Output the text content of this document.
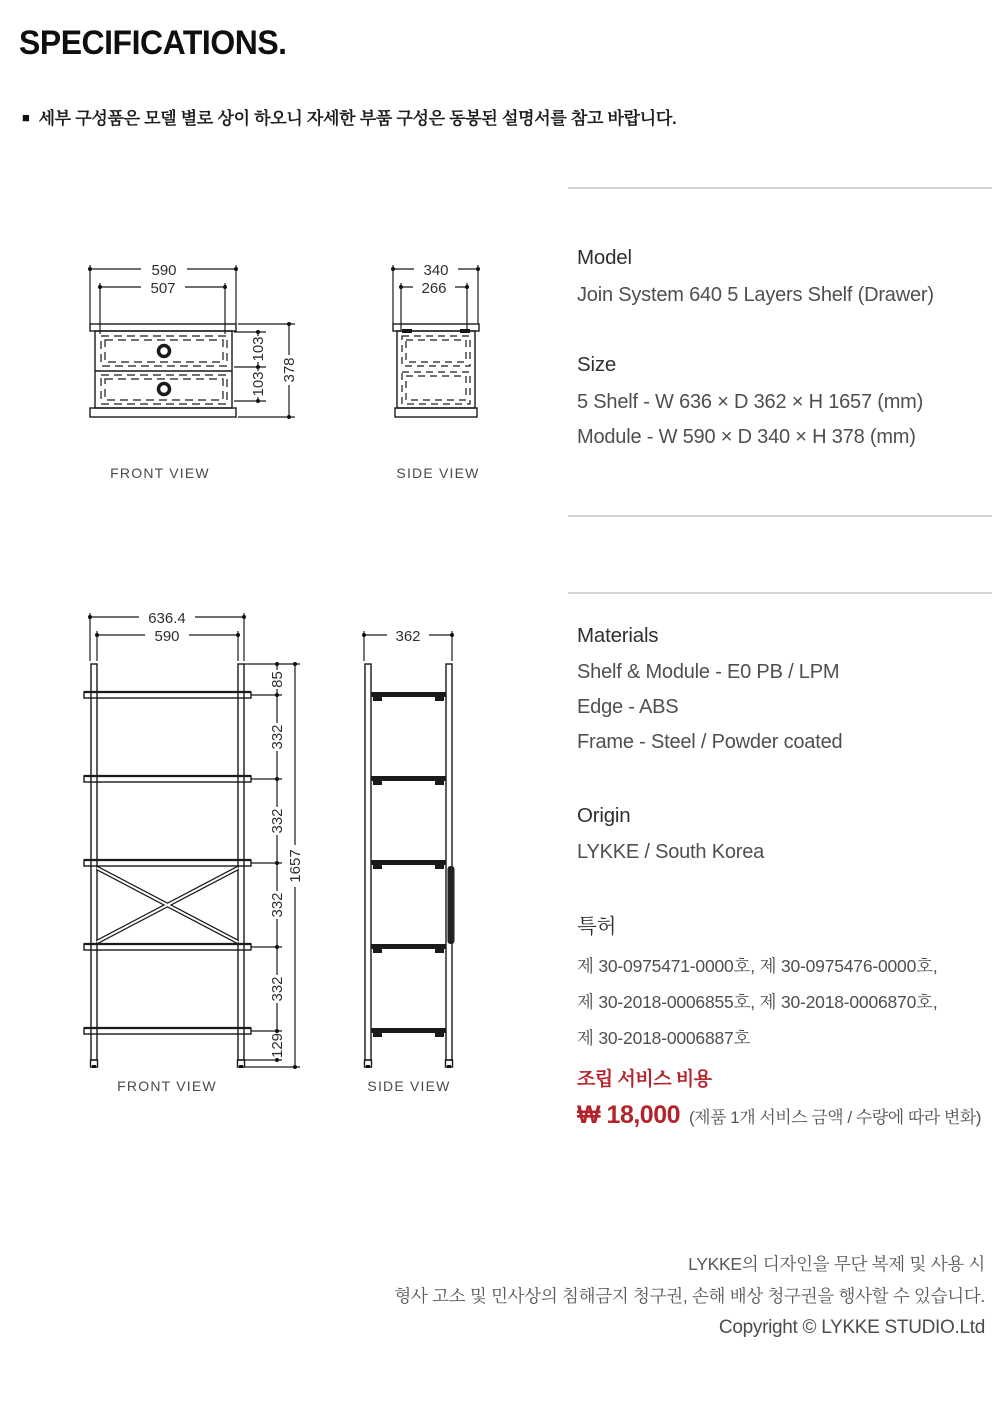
SPECIFICATIONS.
■ 세부 구성품은 모델 별로 상이 하오니 자세한 부품 구성은 동봉된 설명서를 참고 바랍니다.
590
507
103
103
378
FRONT VIEW
340
266
SIDE VIEW
636.4
590
85
332
332
332
332
129
1657
FRONT VIEW
362
SIDE VIEW
Model
Join System 640 5 Layers Shelf (Drawer)
Size
5 Shelf - W 636 × D 362 × H 1657 (mm)
Module - W 590 × D 340 × H 378 (mm)
Materials
Shelf & Module - E0 PB / LPM
Edge - ABS
Frame - Steel / Powder coated
Origin
LYKKE / South Korea
특허
제 30-0975471-0000호, 제 30-0975476-0000호,
제 30-2018-0006855호, 제 30-2018-0006870호,
제 30-2018-0006887호
조립 서비스 비용
₩ 18,000 (제품 1개 서비스 금액 / 수량에 따라 변화)
LYKKE의 디자인을 무단 복제 및 사용 시
형사 고소 및 민사상의 침해금지 청구권, 손해 배상 청구권을 행사할 수 있습니다.
Copyright © LYKKE STUDIO.Ltd
